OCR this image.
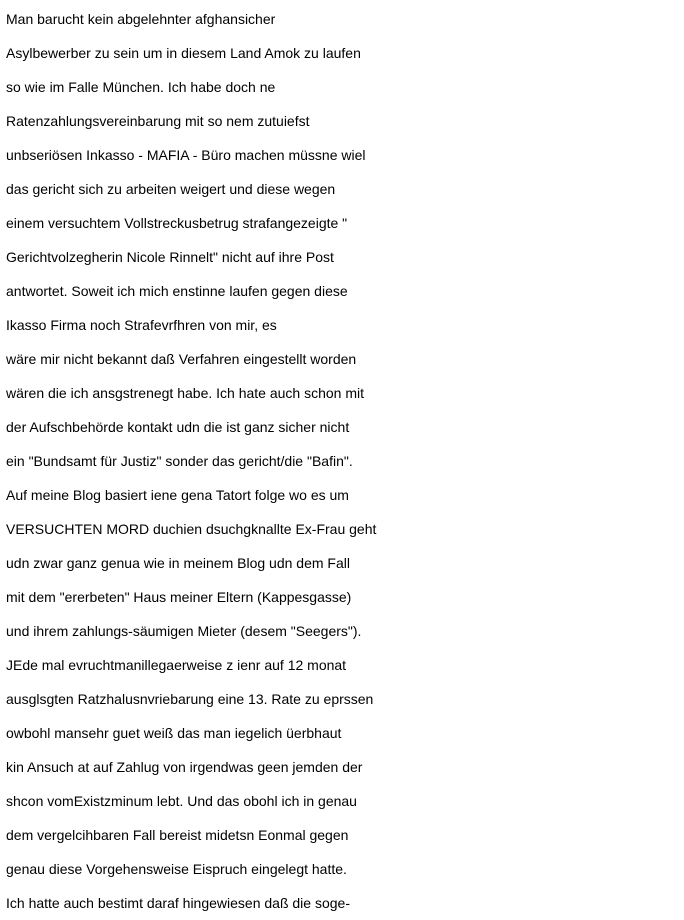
Man barucht kein abgelehnter afghansicher
Asylbewerber zu sein um in diesem Land Amok zu laufen
so wie im Falle München. Ich habe doch ne
Ratenzahlungsvereinbarung mit so nem zutuiefst
unbseriösen Inkasso - MAFIA - Büro machen müssne wiel
das gericht sich zu arbeiten weigert und diese wegen
einem versuchtem Vollstreckusbetrug strafangezeigte "
Gerichtvolzegherin Nicole Rinnelt" nicht auf ihre Post
antwortet. Soweit ich mich enstinne laufen gegen diese
Ikasso Firma noch Strafevrfhren von mir, es
wäre mir nicht bekannt daß Verfahren eingestellt worden
wären die ich ansgstrenegt habe. Ich hate auch schon mit
der Aufschbehörde kontakt udn die ist ganz sicher nicht
ein "Bundsamt für Justiz" sonder das gericht/die "Bafin".
Auf meine Blog basiert iene gena Tatort folge wo es um
VERSUCHTEN MORD duchien dsuchgknallte Ex-Frau geht
udn zwar ganz genua wie in meinem Blog udn dem Fall
mit dem "ererbeten" Haus meiner Eltern (Kappesgasse)
und ihrem zahlungs-säumigen Mieter (desem "Seegers").
JEde mal evruchtmanillegaerweise z ienr auf 12 monat
ausglsgten Ratzhalusnvriebarung eine 13. Rate zu eprssen
owbohl mansehr guet weiß das man iegelich üerbhaut
kin Ansuch at auf Zahlug von irgendwas geen jemden der
shcon vomExistzminum lebt. Und das obohl ich in genau
dem vergelcihbaren Fall bereist midetsn Eonmal gegen
genau diese Vorgehensweise Eispruch eingelegt hatte.
Ich hatte auch bestimt daraf hingewiesen daß die soge-
